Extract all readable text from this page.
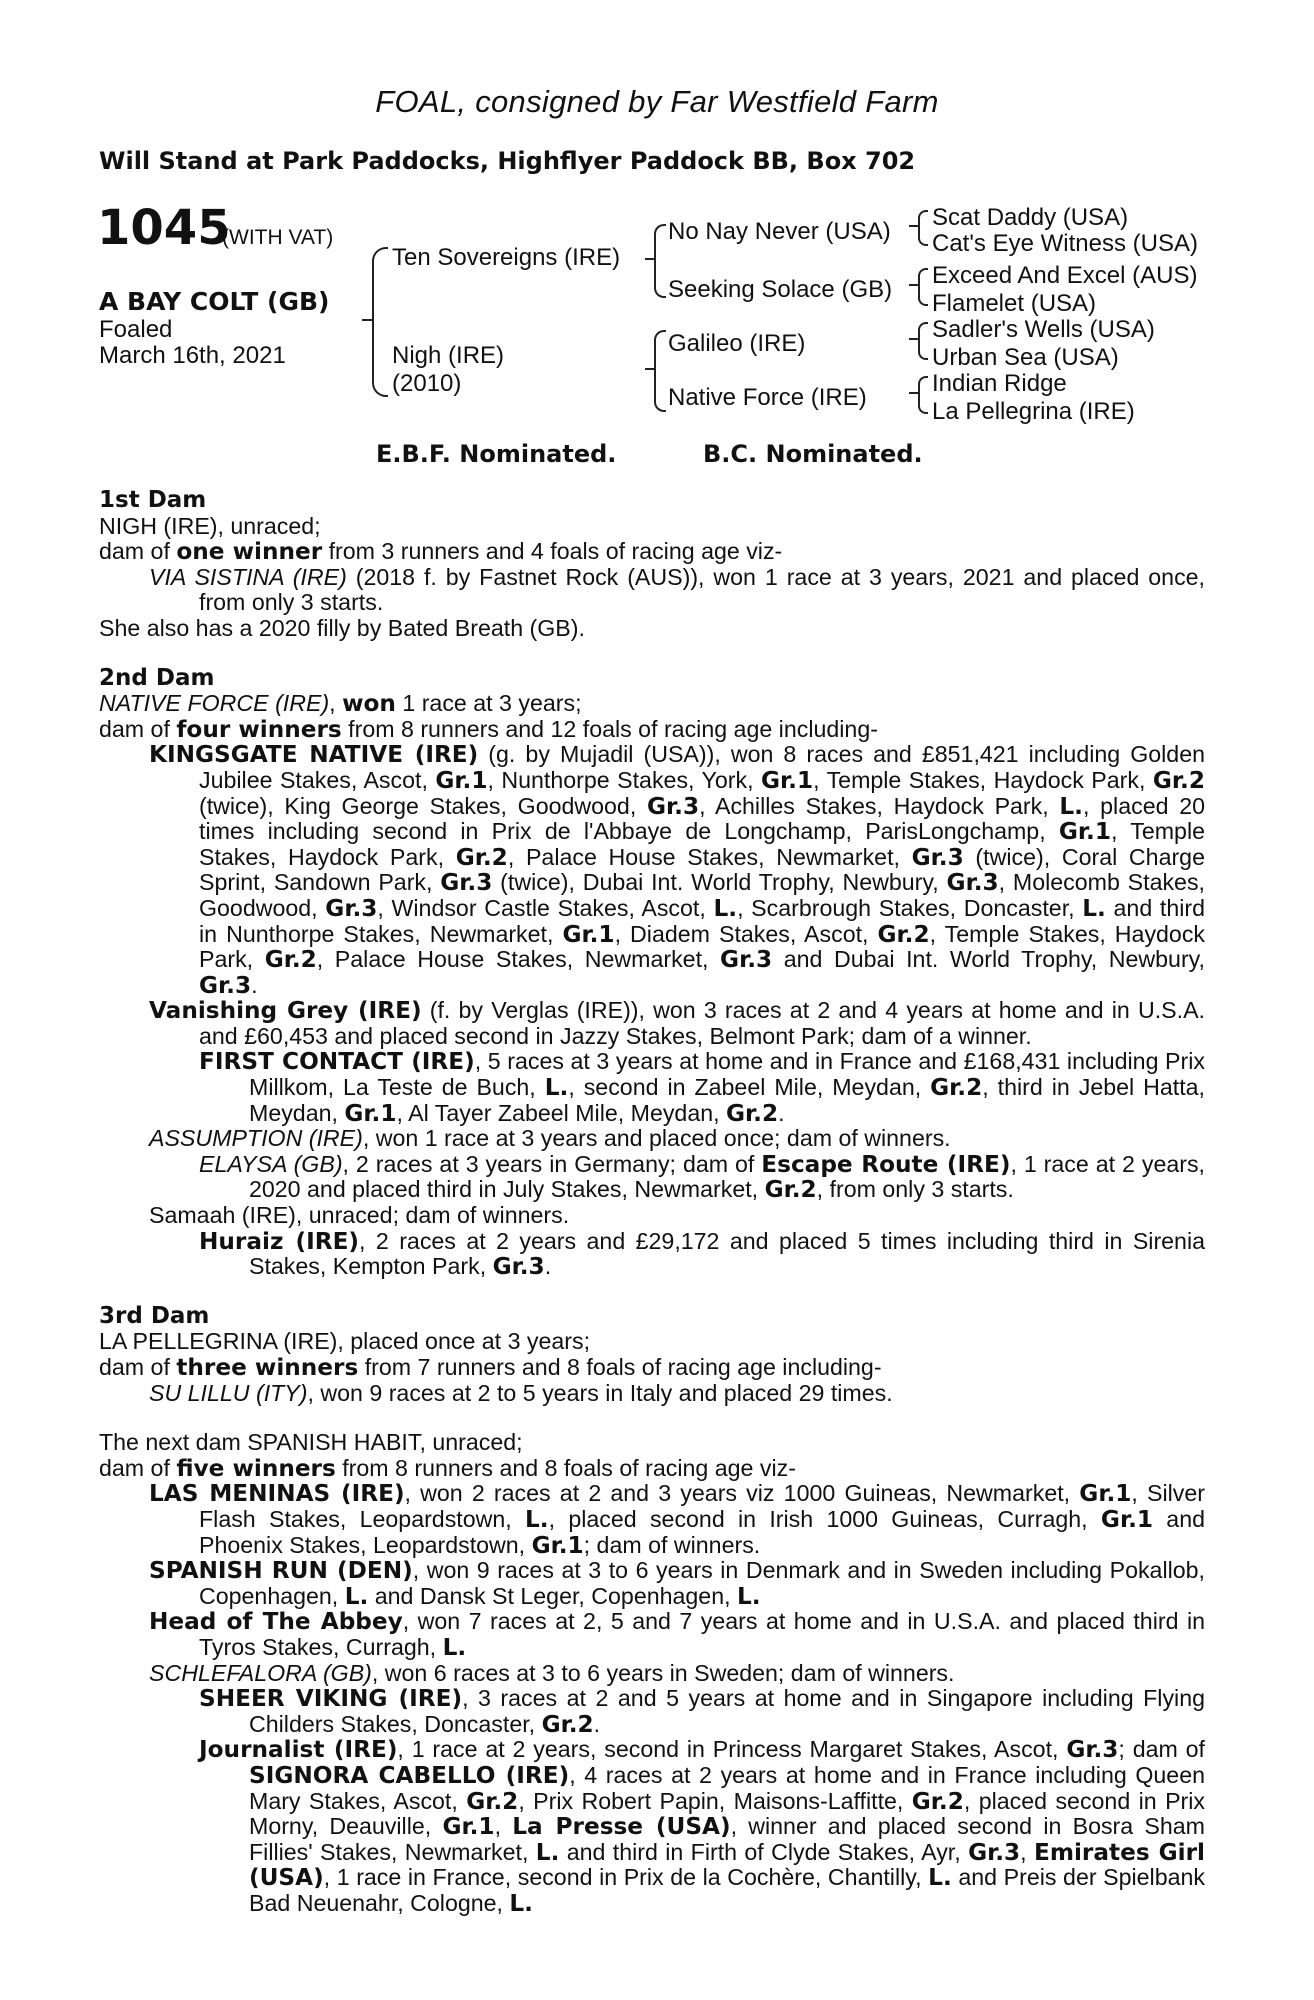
FOAL, consigned by Far Westfield Farm
Will Stand at Park Paddocks, Highflyer Paddock BB, Box 702
1045
(WITH VAT)
A BAY COLT (GB)
Foaled
March 16th, 2021
Ten Sovereigns (IRE)
Nigh (IRE)
(2010)
No Nay Never (USA)
Seeking Solace (GB)
Galileo (IRE)
Native Force (IRE)
Scat Daddy (USA)
Cat's Eye Witness (USA)
Exceed And Excel (AUS)
Flamelet (USA)
Sadler's Wells (USA)
Urban Sea (USA)
Indian Ridge
La Pellegrina (IRE)
E.B.F. Nominated.	B.C. Nominated.

1st Dam

NIGH (IRE), unraced;

dam of one winner from 3 runners and 4 foals of racing age viz-

VIA SISTINA (IRE) (2018 f. by Fastnet Rock (AUS)), won 1 race at 3 years, 2021 and placed once, from only 3 starts.

She also has a 2020 filly by Bated Breath (GB).

2nd Dam

NATIVE FORCE (IRE), won 1 race at 3 years;

dam of four winners from 8 runners and 12 foals of racing age including-

KINGSGATE NATIVE (IRE) (g. by Mujadil (USA)), won 8 races and £851,421 including Golden Jubilee Stakes, Ascot, Gr.1, Nunthorpe Stakes, York, Gr.1, Temple Stakes, Haydock Park, Gr.2 (twice), King George Stakes, Goodwood, Gr.3, Achilles Stakes, Haydock Park, L., placed 20 times including second in Prix de l'Abbaye de Longchamp, ParisLongchamp, Gr.1, Temple Stakes, Haydock Park, Gr.2, Palace House Stakes, Newmarket, Gr.3 (twice), Coral Charge Sprint, Sandown Park, Gr.3 (twice), Dubai Int. World Trophy, Newbury, Gr.3, Molecomb Stakes, Goodwood, Gr.3, Windsor Castle Stakes, Ascot, L., Scarbrough Stakes, Doncaster, L. and third in Nunthorpe Stakes, Newmarket, Gr.1, Diadem Stakes, Ascot, Gr.2, Temple Stakes, Haydock Park, Gr.2, Palace House Stakes, Newmarket, Gr.3 and Dubai Int. World Trophy, Newbury, Gr.3.

Vanishing Grey (IRE) (f. by Verglas (IRE)), won 3 races at 2 and 4 years at home and in U.S.A. and £60,453 and placed second in Jazzy Stakes, Belmont Park; dam of a winner.

FIRST CONTACT (IRE), 5 races at 3 years at home and in France and £168,431 including Prix Millkom, La Teste de Buch, L., second in Zabeel Mile, Meydan, Gr.2, third in Jebel Hatta, Meydan, Gr.1, Al Tayer Zabeel Mile, Meydan, Gr.2.

ASSUMPTION (IRE), won 1 race at 3 years and placed once; dam of winners.

ELAYSA (GB), 2 races at 3 years in Germany; dam of Escape Route (IRE), 1 race at 2 years, 2020 and placed third in July Stakes, Newmarket, Gr.2, from only 3 starts.

Samaah (IRE), unraced; dam of winners.

Huraiz (IRE), 2 races at 2 years and £29,172 and placed 5 times including third in Sirenia Stakes, Kempton Park, Gr.3.

3rd Dam

LA PELLEGRINA (IRE), placed once at 3 years;

dam of three winners from 7 runners and 8 foals of racing age including-

SU LILLU (ITY), won 9 races at 2 to 5 years in Italy and placed 29 times.

The next dam SPANISH HABIT, unraced;

dam of five winners from 8 runners and 8 foals of racing age viz-

LAS MENINAS (IRE), won 2 races at 2 and 3 years viz 1000 Guineas, Newmarket, Gr.1, Silver Flash Stakes, Leopardstown, L., placed second in Irish 1000 Guineas, Curragh, Gr.1 and Phoenix Stakes, Leopardstown, Gr.1; dam of winners.

SPANISH RUN (DEN), won 9 races at 3 to 6 years in Denmark and in Sweden including Pokallob, Copenhagen, L. and Dansk St Leger, Copenhagen, L.

Head of The Abbey, won 7 races at 2, 5 and 7 years at home and in U.S.A. and placed third in Tyros Stakes, Curragh, L.

SCHLEFALORA (GB), won 6 races at 3 to 6 years in Sweden; dam of winners.

SHEER VIKING (IRE), 3 races at 2 and 5 years at home and in Singapore including Flying Childers Stakes, Doncaster, Gr.2.

Journalist (IRE), 1 race at 2 years, second in Princess Margaret Stakes, Ascot, Gr.3; dam of SIGNORA CABELLO (IRE), 4 races at 2 years at home and in France including Queen Mary Stakes, Ascot, Gr.2, Prix Robert Papin, Maisons-Laffitte, Gr.2, placed second in Prix Morny, Deauville, Gr.1, La Presse (USA), winner and placed second in Bosra Sham Fillies' Stakes, Newmarket, L. and third in Firth of Clyde Stakes, Ayr, Gr.3, Emirates Girl (USA), 1 race in France, second in Prix de la Cochère, Chantilly, L. and Preis der Spielbank Bad Neuenahr, Cologne, L.
